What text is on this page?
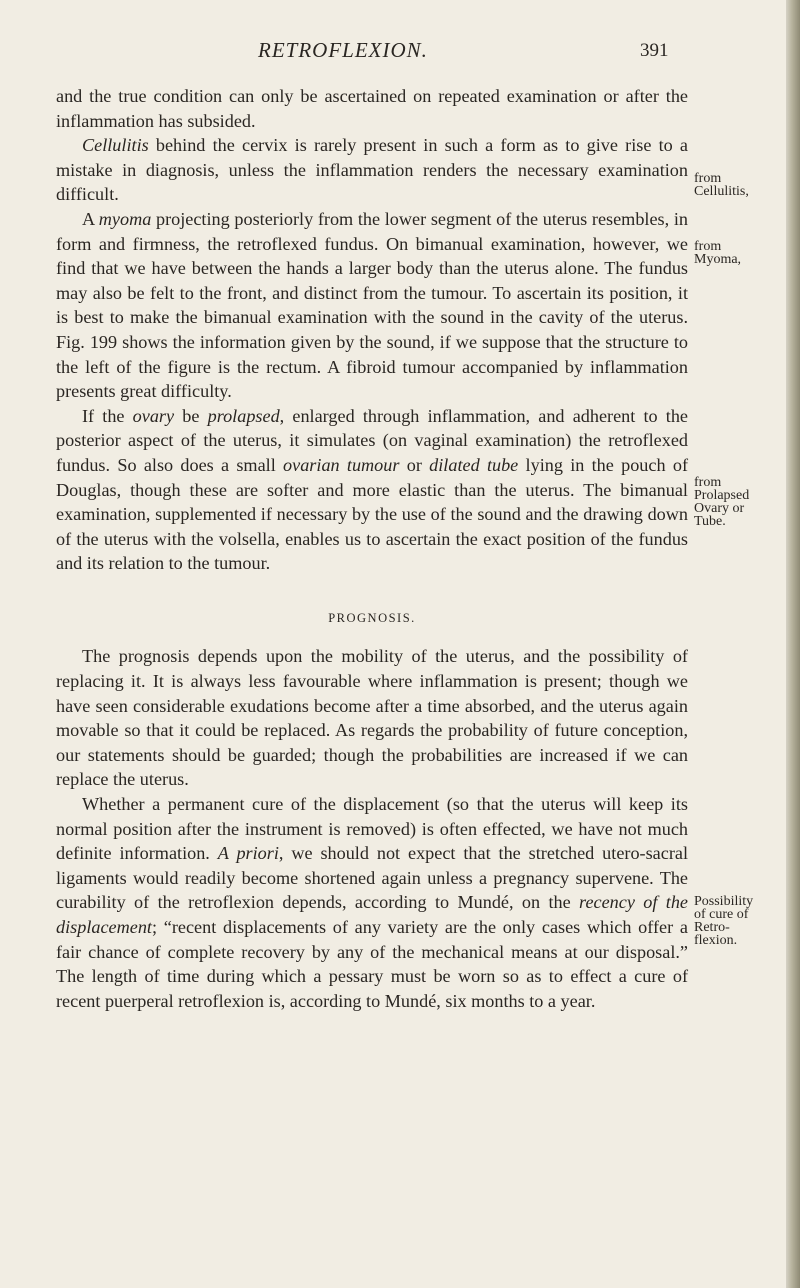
RETROFLEXION.	391

and the true condition can only be ascertained on repeated examination or after the inflammation has subsided.

Cellulitis behind the cervix is rarely present in such a form as to give rise to a mistake in diagnosis, unless the inflammation renders the necessary examination difficult.

A myoma projecting posteriorly from the lower segment of the uterus resembles, in form and firmness, the retroflexed fundus. On bimanual examination, however, we find that we have between the hands a larger body than the uterus alone. The fundus may also be felt to the front, and distinct from the tumour. To ascertain its position, it is best to make the bimanual examination with the sound in the cavity of the uterus. Fig. 199 shows the information given by the sound, if we suppose that the structure to the left of the figure is the rectum. A fibroid tumour accompanied by inflammation presents great difficulty.

If the ovary be prolapsed, enlarged through inflammation, and adherent to the posterior aspect of the uterus, it simulates (on vaginal examination) the retroflexed fundus. So also does a small ovarian tumour or dilated tube lying in the pouch of Douglas, though these are softer and more elastic than the uterus. The bimanual examination, supplemented if necessary by the use of the sound and the drawing down of the uterus with the volsella, enables us to ascertain the exact position of the fundus and its relation to the tumour.

PROGNOSIS.

The prognosis depends upon the mobility of the uterus, and the possibility of replacing it. It is always less favourable where inflammation is present; though we have seen considerable exudations become after a time absorbed, and the uterus again movable so that it could be replaced. As regards the probability of future conception, our statements should be guarded; though the probabilities are increased if we can replace the uterus.

Whether a permanent cure of the displacement (so that the uterus will keep its normal position after the instrument is removed) is often effected, we have not much definite information. A priori, we should not expect that the stretched utero-sacral ligaments would readily become shortened again unless a pregnancy supervene. The curability of the retroflexion depends, according to Mundé, on the recency of the displacement; “recent displacements of any variety are the only cases which offer a fair chance of complete recovery by any of the mechanical means at our disposal.” The length of time during which a pessary must be worn so as to effect a cure of recent puerperal retroflexion is, according to Mundé, six months to a year.

from
Cellulitis,
from
Myoma,
from
Prolapsed
Ovary or
Tube.
Possibility
of cure of
Retro-
flexion.
